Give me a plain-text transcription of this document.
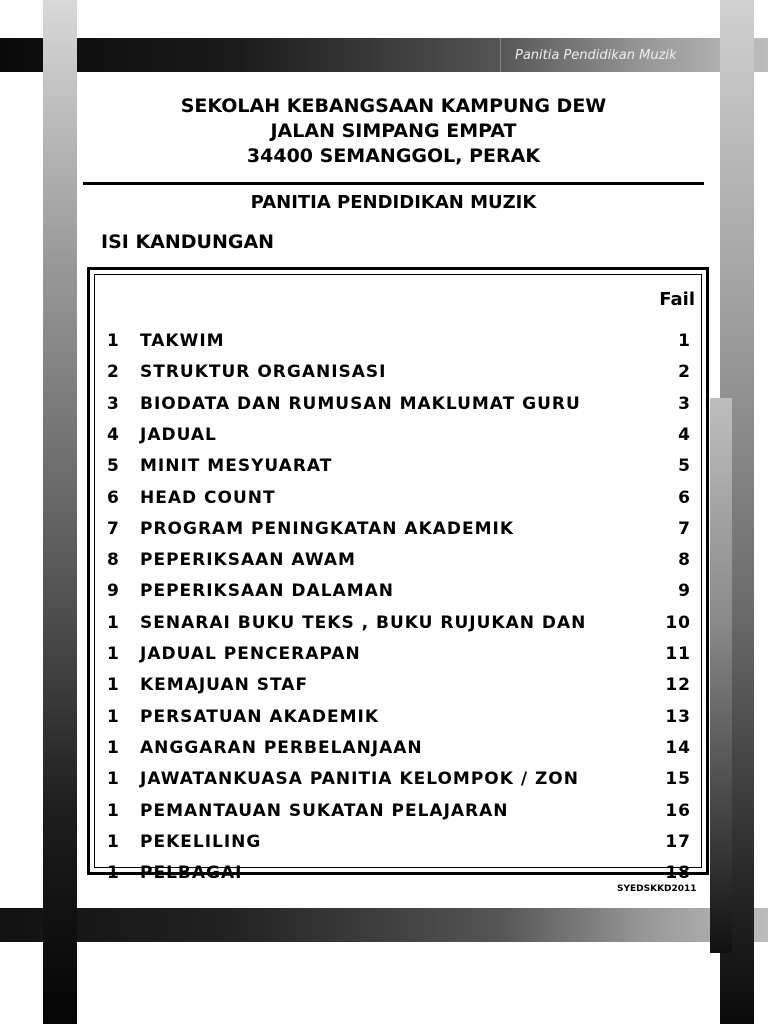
Panitia Pendidikan Muzik
SEKOLAH KEBANGSAAN KAMPUNG DEW
JALAN SIMPANG EMPAT
34400 SEMANGGOL, PERAK
PANITIA PENDIDIKAN MUZIK
ISI KANDUNGAN
Fail
1 TAKWIM	1
2 STRUKTUR ORGANISASI	2
3 BIODATA DAN RUMUSAN MAKLUMAT GURU	3
4 JADUAL	4
5 MINIT MESYUARAT	5
6 HEAD COUNT	6
7 PROGRAM PENINGKATAN AKADEMIK	7
8 PEPERIKSAAN AWAM	8
9 PEPERIKSAAN DALAMAN	9
1 SENARAI BUKU TEKS , BUKU RUJUKAN DAN	10
1 JADUAL PENCERAPAN	11
1 KEMAJUAN STAF	12
1 PERSATUAN AKADEMIK	13
1 ANGGARAN PERBELANJAAN	14
1 JAWATANKUASA PANITIA KELOMPOK / ZON	15
1 PEMANTAUAN SUKATAN PELAJARAN	16
1 PEKELILING	17
1 PELBAGAI	18
SYEDSKKD2011
